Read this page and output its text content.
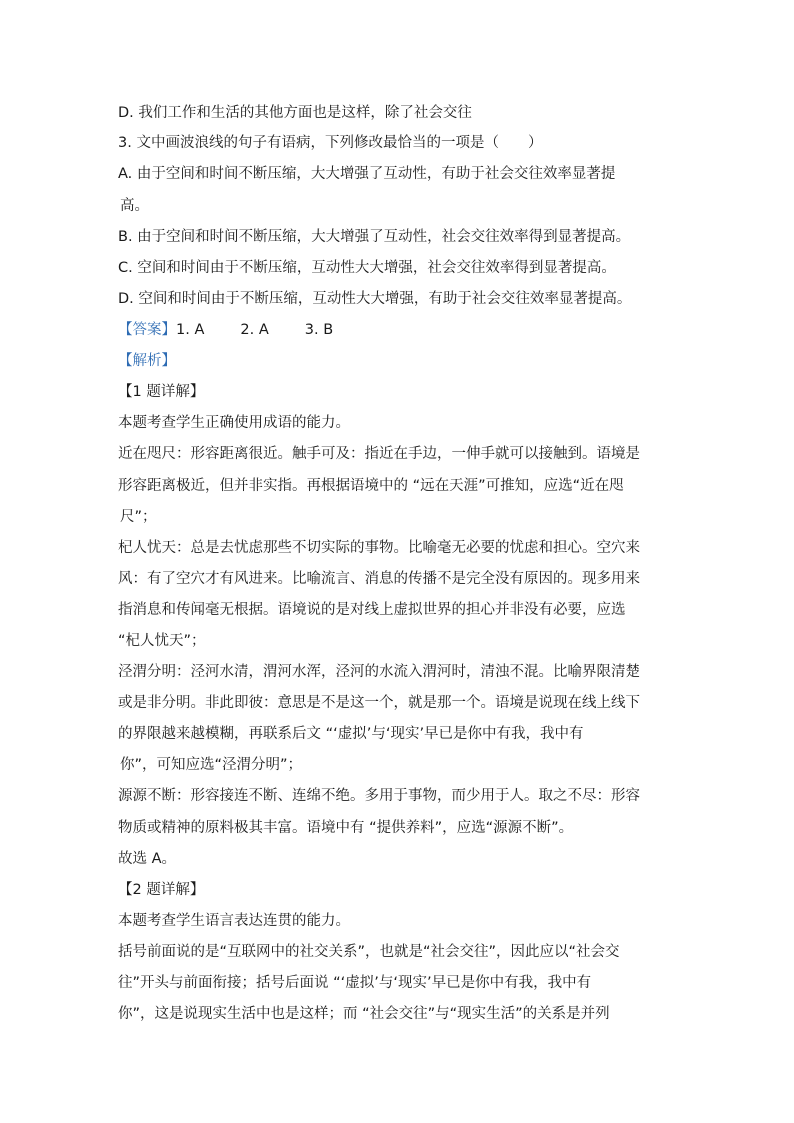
D. 我们工作和生活的其他方面也是这样，除了社会交往

3. 文中画波浪线的句子有语病，下列修改最恰当的一项是（　　）

A. 由于空间和时间不断压缩，大大增强了互动性，有助于社会交往效率显著提

高。

B. 由于空间和时间不断压缩，大大增强了互动性，社会交往效率得到显著提高。

C. 空间和时间由于不断压缩，互动性大大增强，社会交往效率得到显著提高。

D. 空间和时间由于不断压缩，互动性大大增强，有助于社会交往效率显著提高。

【答案】1. A 2. A 3. B

【解析】

【1 题详解】

本题考查学生正确使用成语的能力。

近在咫尺：形容距离很近。触手可及：指近在手边，一伸手就可以接触到。语境是

形容距离极近，但并非实指。再根据语境中的 “远在天涯”可推知，应选“近在咫

尺”；

杞人忧天：总是去忧虑那些不切实际的事物。比喻毫无必要的忧虑和担心。空穴来

风：有了空穴才有风进来。比喻流言、消息的传播不是完全没有原因的。现多用来

指消息和传闻毫无根据。语境说的是对线上虚拟世界的担心并非没有必要，应选

“杞人忧天”；

泾渭分明：泾河水清，渭河水浑，泾河的水流入渭河时，清浊不混。比喻界限清楚

或是非分明。非此即彼：意思是不是这一个，就是那一个。语境是说现在线上线下

的界限越来越模糊，再联系后文 “‘虚拟’与‘现实’早已是你中有我，我中有

你”，可知应选“泾渭分明”；

源源不断：形容接连不断、连绵不绝。多用于事物，而少用于人。取之不尽：形容

物质或精神的原料极其丰富。语境中有 “提供养料”，应选“源源不断”。

故选 A。

【2 题详解】

本题考查学生语言表达连贯的能力。

括号前面说的是“互联网中的社交关系”，也就是“社会交往”，因此应以“社会交

往”开头与前面衔接；括号后面说 “‘虚拟’与‘现实’早已是你中有我，我中有

你”，这是说现实生活中也是这样；而 “社会交往”与“现实生活”的关系是并列
